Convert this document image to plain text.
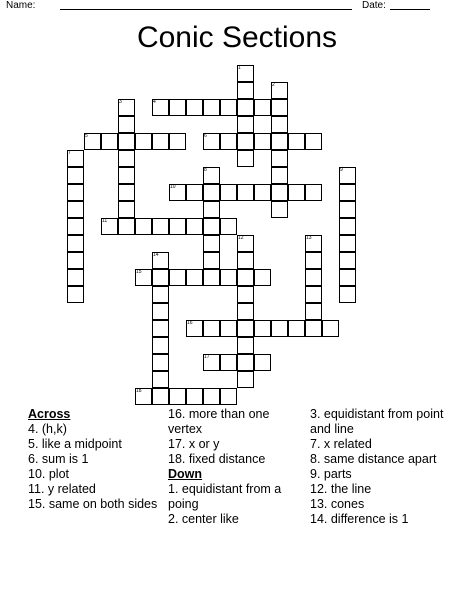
Name:	Date:
Conic Sections
1
2
3	4
5	6
7
8	9
10
11
12	13
14
15
16
17
18
Across
4. (h,k)
5. like a midpoint
6. sum is 1
10. plot
11. y related
15. same on both sides
16. more than one vertex
17. x or y
18. fixed distance
Down
1. equidistant from a poing
2. center like
3. equidistant from point and line
7. x related
8. same distance apart
9. parts
12. the line
13. cones
14. difference is 1
